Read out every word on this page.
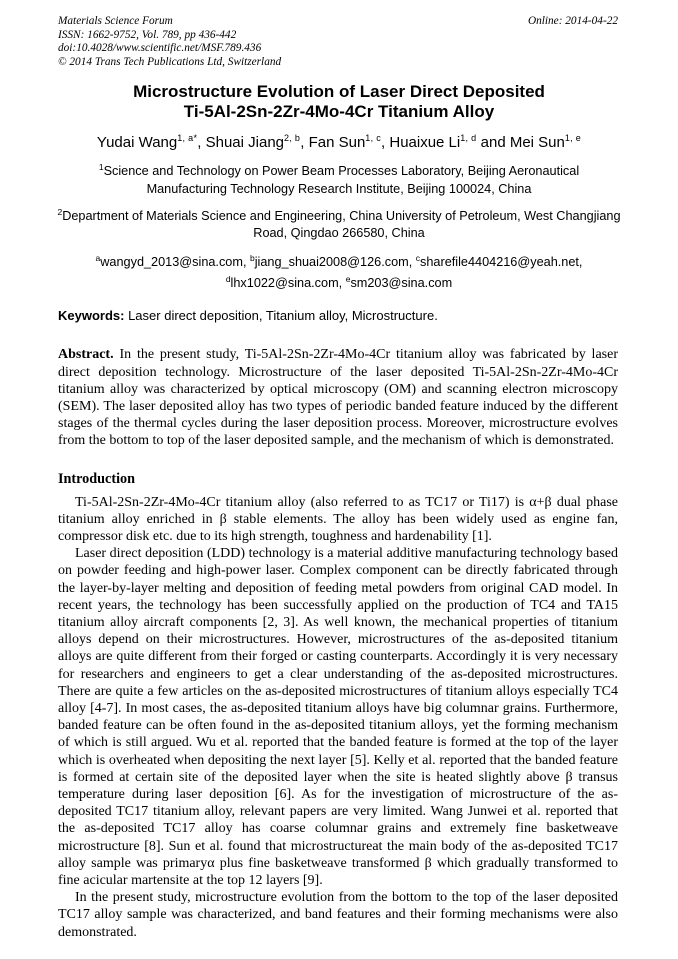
Materials Science Forum
ISSN: 1662-9752, Vol. 789, pp 436-442
doi:10.4028/www.scientific.net/MSF.789.436
© 2014 Trans Tech Publications Ltd, Switzerland
Online: 2014-04-22
Microstructure Evolution of Laser Direct Deposited
Ti-5Al-2Sn-2Zr-4Mo-4Cr Titanium Alloy
Yudai Wang$^{1, a*}$, Shuai Jiang$^{2, b}$, Fan Sun$^{1, c}$, Huaixue Li$^{1, d}$ and Mei Sun$^{1, e}$
$^1$Science and Technology on Power Beam Processes Laboratory, Beijing Aeronautical
Manufacturing Technology Research Institute, Beijing 100024, China
$^2$Department of Materials Science and Engineering, China University of Petroleum, West Changjiang
Road, Qingdao 266580, China
$^a$wangyd_2013@sina.com, $^b$jiang_shuai2008@126.com, $^c$sharefile4404216@yeah.net,
$^d$lhx1022@sina.com, $^e$sm203@sina.com
Keywords: Laser direct deposition, Titanium alloy, Microstructure.

Abstract. In the present study, Ti-5Al-2Sn-2Zr-4Mo-4Cr titanium alloy was fabricated by laser direct deposition technology. Microstructure of the laser deposited Ti-5Al-2Sn-2Zr-4Mo-4Cr titanium alloy was characterized by optical microscopy (OM) and scanning electron microscopy (SEM). The laser deposited alloy has two types of periodic banded feature induced by the different stages of the thermal cycles during the laser deposition process. Moreover, microstructure evolves from the bottom to top of the laser deposited sample, and the mechanism of which is demonstrated.

Introduction

Ti-5Al-2Sn-2Zr-4Mo-4Cr titanium alloy (also referred to as TC17 or Ti17) is α+β dual phase titanium alloy enriched in β stable elements. The alloy has been widely used as engine fan, compressor disk etc. due to its high strength, toughness and hardenability [1].

Laser direct deposition (LDD) technology is a material additive manufacturing technology based on powder feeding and high-power laser. Complex component can be directly fabricated through the layer-by-layer melting and deposition of feeding metal powders from original CAD model. In recent years, the technology has been successfully applied on the production of TC4 and TA15 titanium alloy aircraft components [2, 3]. As well known, the mechanical properties of titanium alloys depend on their microstructures. However, microstructures of the as-deposited titanium alloys are quite different from their forged or casting counterparts. Accordingly it is very necessary for researchers and engineers to get a clear understanding of the as-deposited microstructures. There are quite a few articles on the as-deposited microstructures of titanium alloys especially TC4 alloy [4-7]. In most cases, the as-deposited titanium alloys have big columnar grains. Furthermore, banded feature can be often found in the as-deposited titanium alloys, yet the forming mechanism of which is still argued. Wu et al. reported that the banded feature is formed at the top of the layer which is overheated when depositing the next layer [5]. Kelly et al. reported that the banded feature is formed at certain site of the deposited layer when the site is heated slightly above β transus temperature during laser deposition [6]. As for the investigation of microstructure of the as-deposited TC17 titanium alloy, relevant papers are very limited. Wang Junwei et al. reported that the as-deposited TC17 alloy has coarse columnar grains and extremely fine basketweave microstructure [8]. Sun et al. found that microstructureat the main body of the as-deposited TC17 alloy sample was primaryα plus fine basketweave transformed β which gradually transformed to fine acicular martensite at the top 12 layers [9].

In the present study, microstructure evolution from the bottom to the top of the laser deposited TC17 alloy sample was characterized, and band features and their forming mechanisms were also demonstrated.
